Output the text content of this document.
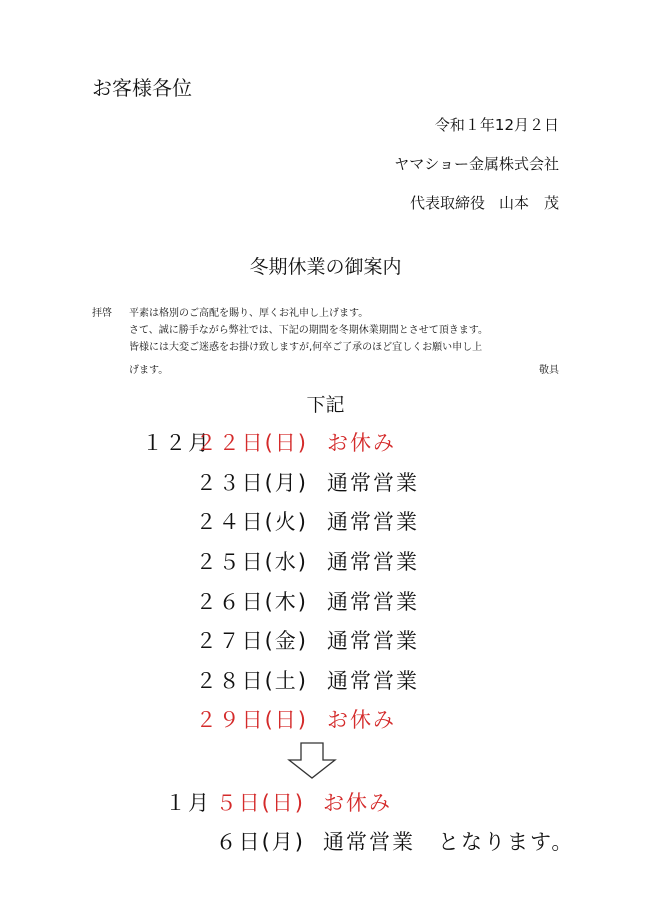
お客様各位
令和１年12月２日
ヤマショー金属株式会社
代表取締役 山本　茂
冬期休業の御案内
拝啓 平素は格別のご高配を賜り、厚くお礼申し上げます。
さて、誠に勝手ながら弊社では、下記の期間を冬期休業期間とさせて頂きます。
皆様には大変ご迷惑をお掛け致しますが,何卒ご了承のほど宜しくお願い申し上
げます。	敬具
下記
１２月
２２日(日) お休み
２３日(月) 通常営業
２４日(火) 通常営業
２５日(水) 通常営業
２６日(木) 通常営業
２７日(金) 通常営業
２８日(土) 通常営業
２９日(日) お休み
１月 ５日(日) お休み
６日(月) 通常営業　となります。
